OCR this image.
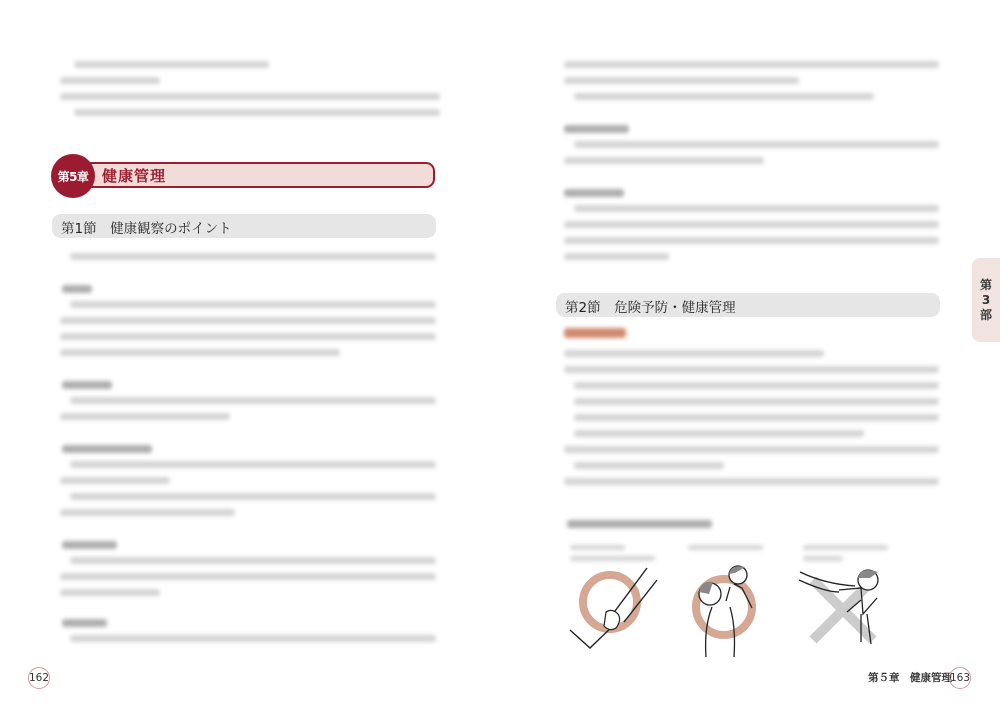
健康管理
第5章
第1節　健康観察のポイント
162
第2節　危険予防・健康管理
第
3
部
第５章　健康管理
163
